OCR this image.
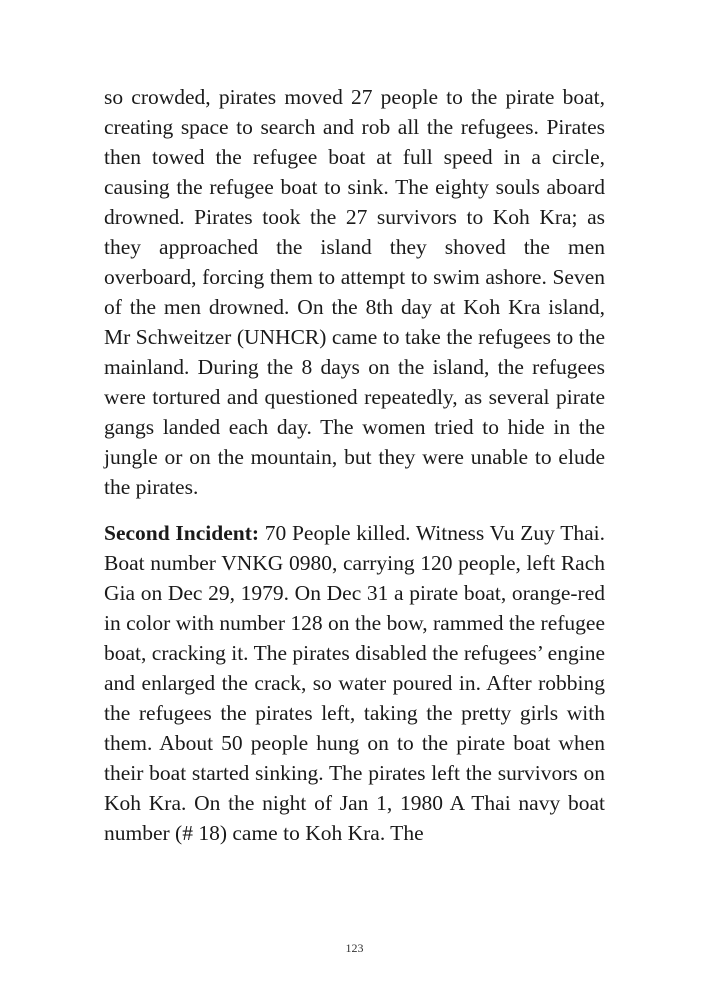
so crowded, pirates moved 27 people to the pirate boat, creating space to search and rob all the refugees. Pirates then towed the refugee boat at full speed in a circle, causing the refugee boat to sink. The eighty souls aboard drowned. Pirates took the 27 survivors to Koh Kra; as they approached the island they shoved the men overboard, forcing them to attempt to swim ashore. Seven of the men drowned. On the 8th day at Koh Kra island, Mr Schweitzer (UNHCR) came to take the refugees to the mainland. During the 8 days on the island, the refugees were tortured and questioned repeatedly, as several pirate gangs landed each day. The women tried to hide in the jungle or on the mountain, but they were unable to elude the pirates.

Second Incident: 70 People killed. Witness Vu Zuy Thai. Boat number VNKG 0980, carrying 120 people, left Rach Gia on Dec 29, 1979. On Dec 31 a pirate boat, orange-red in color with number 128 on the bow, rammed the refugee boat, cracking it. The pirates disabled the refugees’ engine and enlarged the crack, so water poured in. After robbing the refugees the pirates left, taking the pretty girls with them. About 50 people hung on to the pirate boat when their boat started sinking. The pirates left the survivors on Koh Kra. On the night of Jan 1, 1980 A Thai navy boat number (# 18) came to Koh Kra. The

123
